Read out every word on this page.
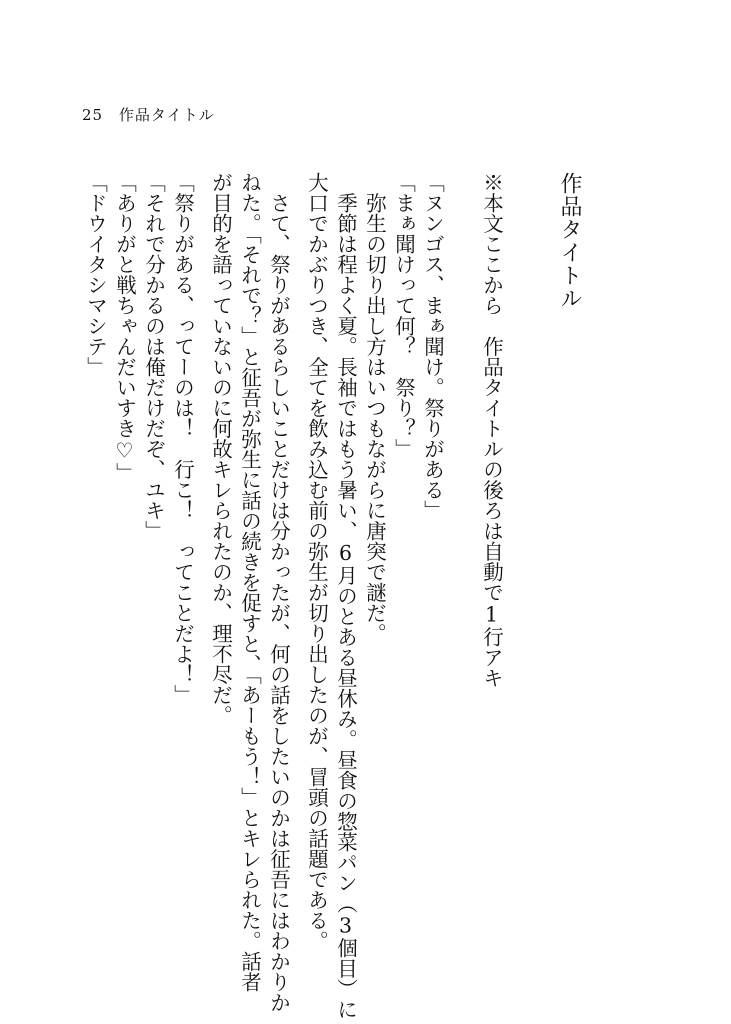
25 作品タイトル
作品タイトル
※本文ここから　作品タイトルの後ろは自動で1行アキ
「ヌンゴス、まぁ聞け。祭りがある」
「まぁ聞けって何？　祭り？」
　弥生の切り出し方はいつもながらに唐突で謎だ。
　季節は程よく夏。長袖ではもう暑い、6月のとある昼休み。昼食の惣菜パン（3個目）に
大口でかぶりつき、全てを飲み込む前の弥生が切り出したのが、冒頭の話題である。
　さて、祭りがあるらしいことだけは分かったが、何の話をしたいのかは征吾にはわかりか
ねた。「それで？」と征吾が弥生に話の続きを促すと、「あーもう！」とキレられた。話者
が目的を語っていないのに何故キレられたのか、理不尽だ。
「祭りがある、ってーのは！　行こ！　ってことだよ！」
「それで分かるのは俺だけだぞ、ユキ」
「ありがと戦ちゃんだいすき♡」
「ドウイタシマシテ」
